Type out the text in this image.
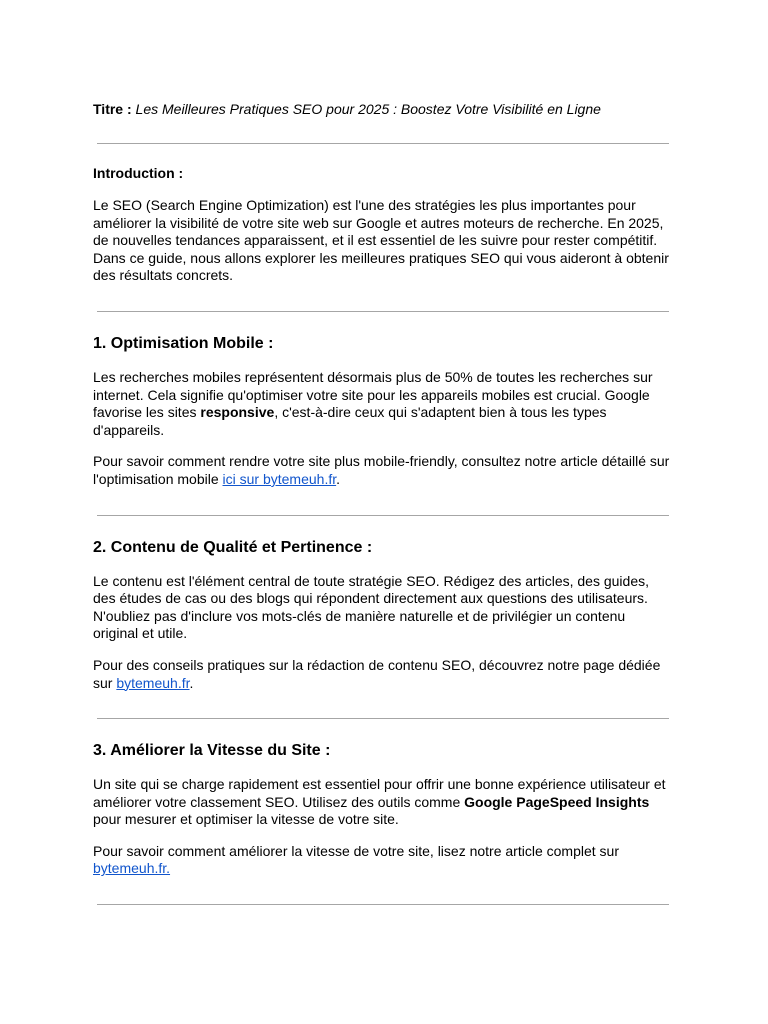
Titre : Les Meilleures Pratiques SEO pour 2025 : Boostez Votre Visibilité en Ligne

Introduction :

Le SEO (Search Engine Optimization) est l'une des stratégies les plus importantes pour améliorer la visibilité de votre site web sur Google et autres moteurs de recherche. En 2025, de nouvelles tendances apparaissent, et il est essentiel de les suivre pour rester compétitif. Dans ce guide, nous allons explorer les meilleures pratiques SEO qui vous aideront à obtenir des résultats concrets.

1. Optimisation Mobile :

Les recherches mobiles représentent désormais plus de 50% de toutes les recherches sur internet. Cela signifie qu'optimiser votre site pour les appareils mobiles est crucial. Google favorise les sites responsive, c'est-à-dire ceux qui s'adaptent bien à tous les types d'appareils.

Pour savoir comment rendre votre site plus mobile-friendly, consultez notre article détaillé sur l'optimisation mobile ici sur bytemeuh.fr.

2. Contenu de Qualité et Pertinence :

Le contenu est l'élément central de toute stratégie SEO. Rédigez des articles, des guides, des études de cas ou des blogs qui répondent directement aux questions des utilisateurs. N'oubliez pas d'inclure vos mots-clés de manière naturelle et de privilégier un contenu original et utile.

Pour des conseils pratiques sur la rédaction de contenu SEO, découvrez notre page dédiée sur bytemeuh.fr.

3. Améliorer la Vitesse du Site :

Un site qui se charge rapidement est essentiel pour offrir une bonne expérience utilisateur et améliorer votre classement SEO. Utilisez des outils comme Google PageSpeed Insights pour mesurer et optimiser la vitesse de votre site.

Pour savoir comment améliorer la vitesse de votre site, lisez notre article complet sur bytemeuh.fr.
